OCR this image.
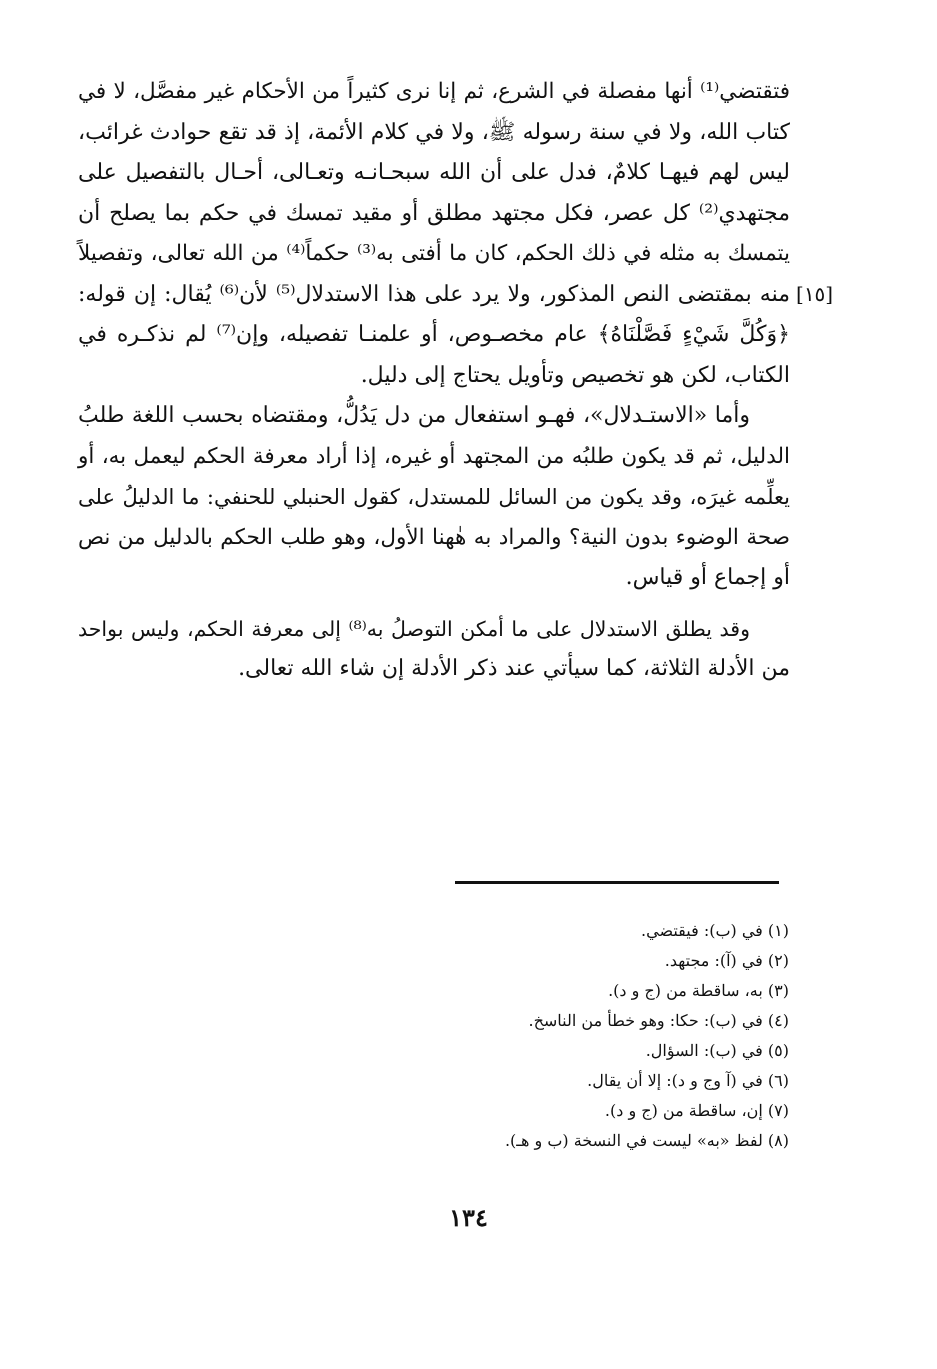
فتقتضي⁽¹⁾ أنها مفصلة في الشرع، ثم إنا نرى كثيراً من الأحكام غير مفصَّل، لا في
كتاب الله، ولا في سنة رسوله ﷺ، ولا في كلام الأئمة، إذ قد تقع حوادث غرائب،
ليس لهم فيهـا كلامٌ، فدل على أن الله سبحـانـه وتعـالى، أحـال بالتفصيل على
مجتهدي⁽²⁾ كل عصر، فكل مجتهد مطلق أو مقيد تمسك في حكم بما يصلح أن
يتمسك به مثله في ذلك الحكم، كان ما أفتى به⁽³⁾ حكماً⁽⁴⁾ من الله تعالى، وتفصيلاً
منه بمقتضى النص المذكور، ولا يرد على هذا الاستدلال⁽⁵⁾ لأن⁽⁶⁾ يُقال: إن قوله:
﴿وَكُلَّ شَيْءٍ فَصَّلْنَاهُ﴾ عام مخصـوص، أو علمنـا تفصيله، وإن⁽⁷⁾ لم نذكـره في
الكتاب، لكن هو تخصيص وتأويل يحتاج إلى دليل.
وأما «الاستـدلال»، فهـو استفعال من دل يَدُلُّ، ومقتضاه بحسب اللغة طلبُ
الدليل، ثم قد يكون طلبُه من المجتهد أو غيره، إذا أراد معرفة الحكم ليعمل به، أو
يعلِّمه غيرَه، وقد يكون من السائل للمستدل، كقول الحنبلي للحنفي: ما الدليلُ على
صحة الوضوء بدون النية؟ والمراد به هٰهنا الأول، وهو طلب الحكم بالدليل من نص
أو إجماع أو قياس.
وقد يطلق الاستدلال على ما أمكن التوصلُ به⁽⁸⁾ إلى معرفة الحكم، وليس بواحد
من الأدلة الثلاثة، كما سيأتي عند ذكر الأدلة إن شاء الله تعالى.
[١٥]
(١) في (ب): فيقتضي.
(٢) في (آ): مجتهد.
(٣) به، ساقطة من (ج و د).
(٤) في (ب): حكا: وهو خطأ من الناسخ.
(٥) في (ب): السؤال.
(٦) في (آ وج و د): إلا أن يقال.
(٧) إن، ساقطة من (ج و د).
(٨) لفظ «به» ليست في النسخة (ب و هـ).
١٣٤
